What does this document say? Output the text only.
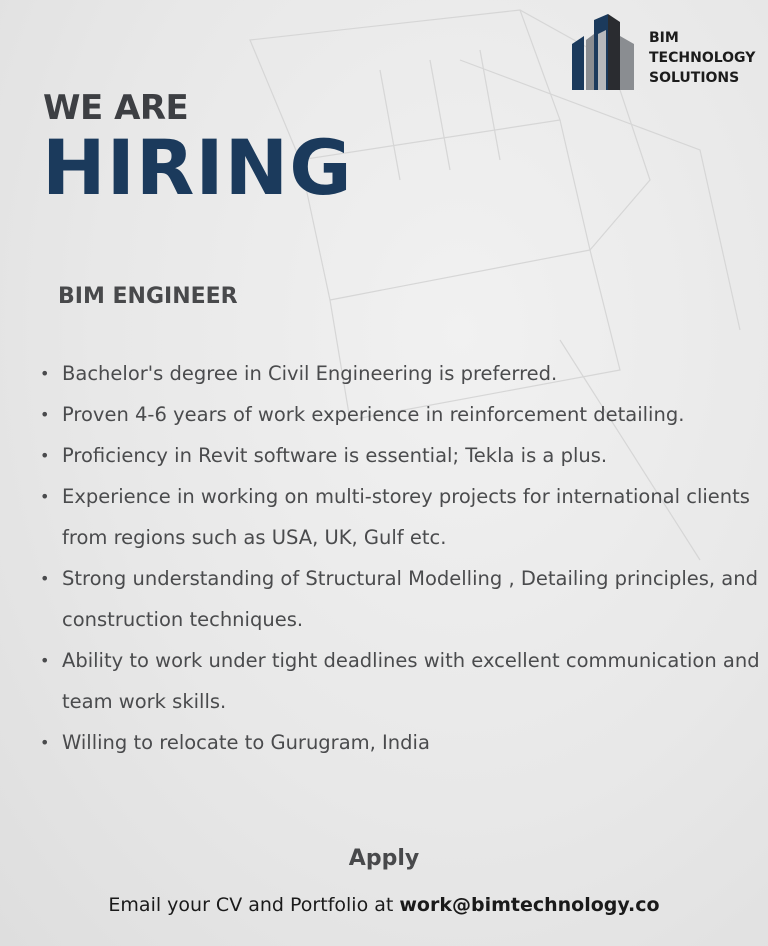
BIM
TECHNOLOGY
SOLUTIONS
WE ARE
HIRING
BIM ENGINEER
• Bachelor's degree in Civil Engineering is preferred.
• Proven 4-6 years of work experience in reinforcement detailing.
• Proficiency in Revit software is essential; Tekla is a plus.
• Experience in working on multi-storey projects for international clients
from regions such as USA, UK, Gulf etc.
• Strong understanding of Structural Modelling , Detailing principles, and
construction techniques.
• Ability to work under tight deadlines with excellent communication and
team work skills.
• Willing to relocate to Gurugram, India
Apply
Email your CV and Portfolio at work@bimtechnology.co
